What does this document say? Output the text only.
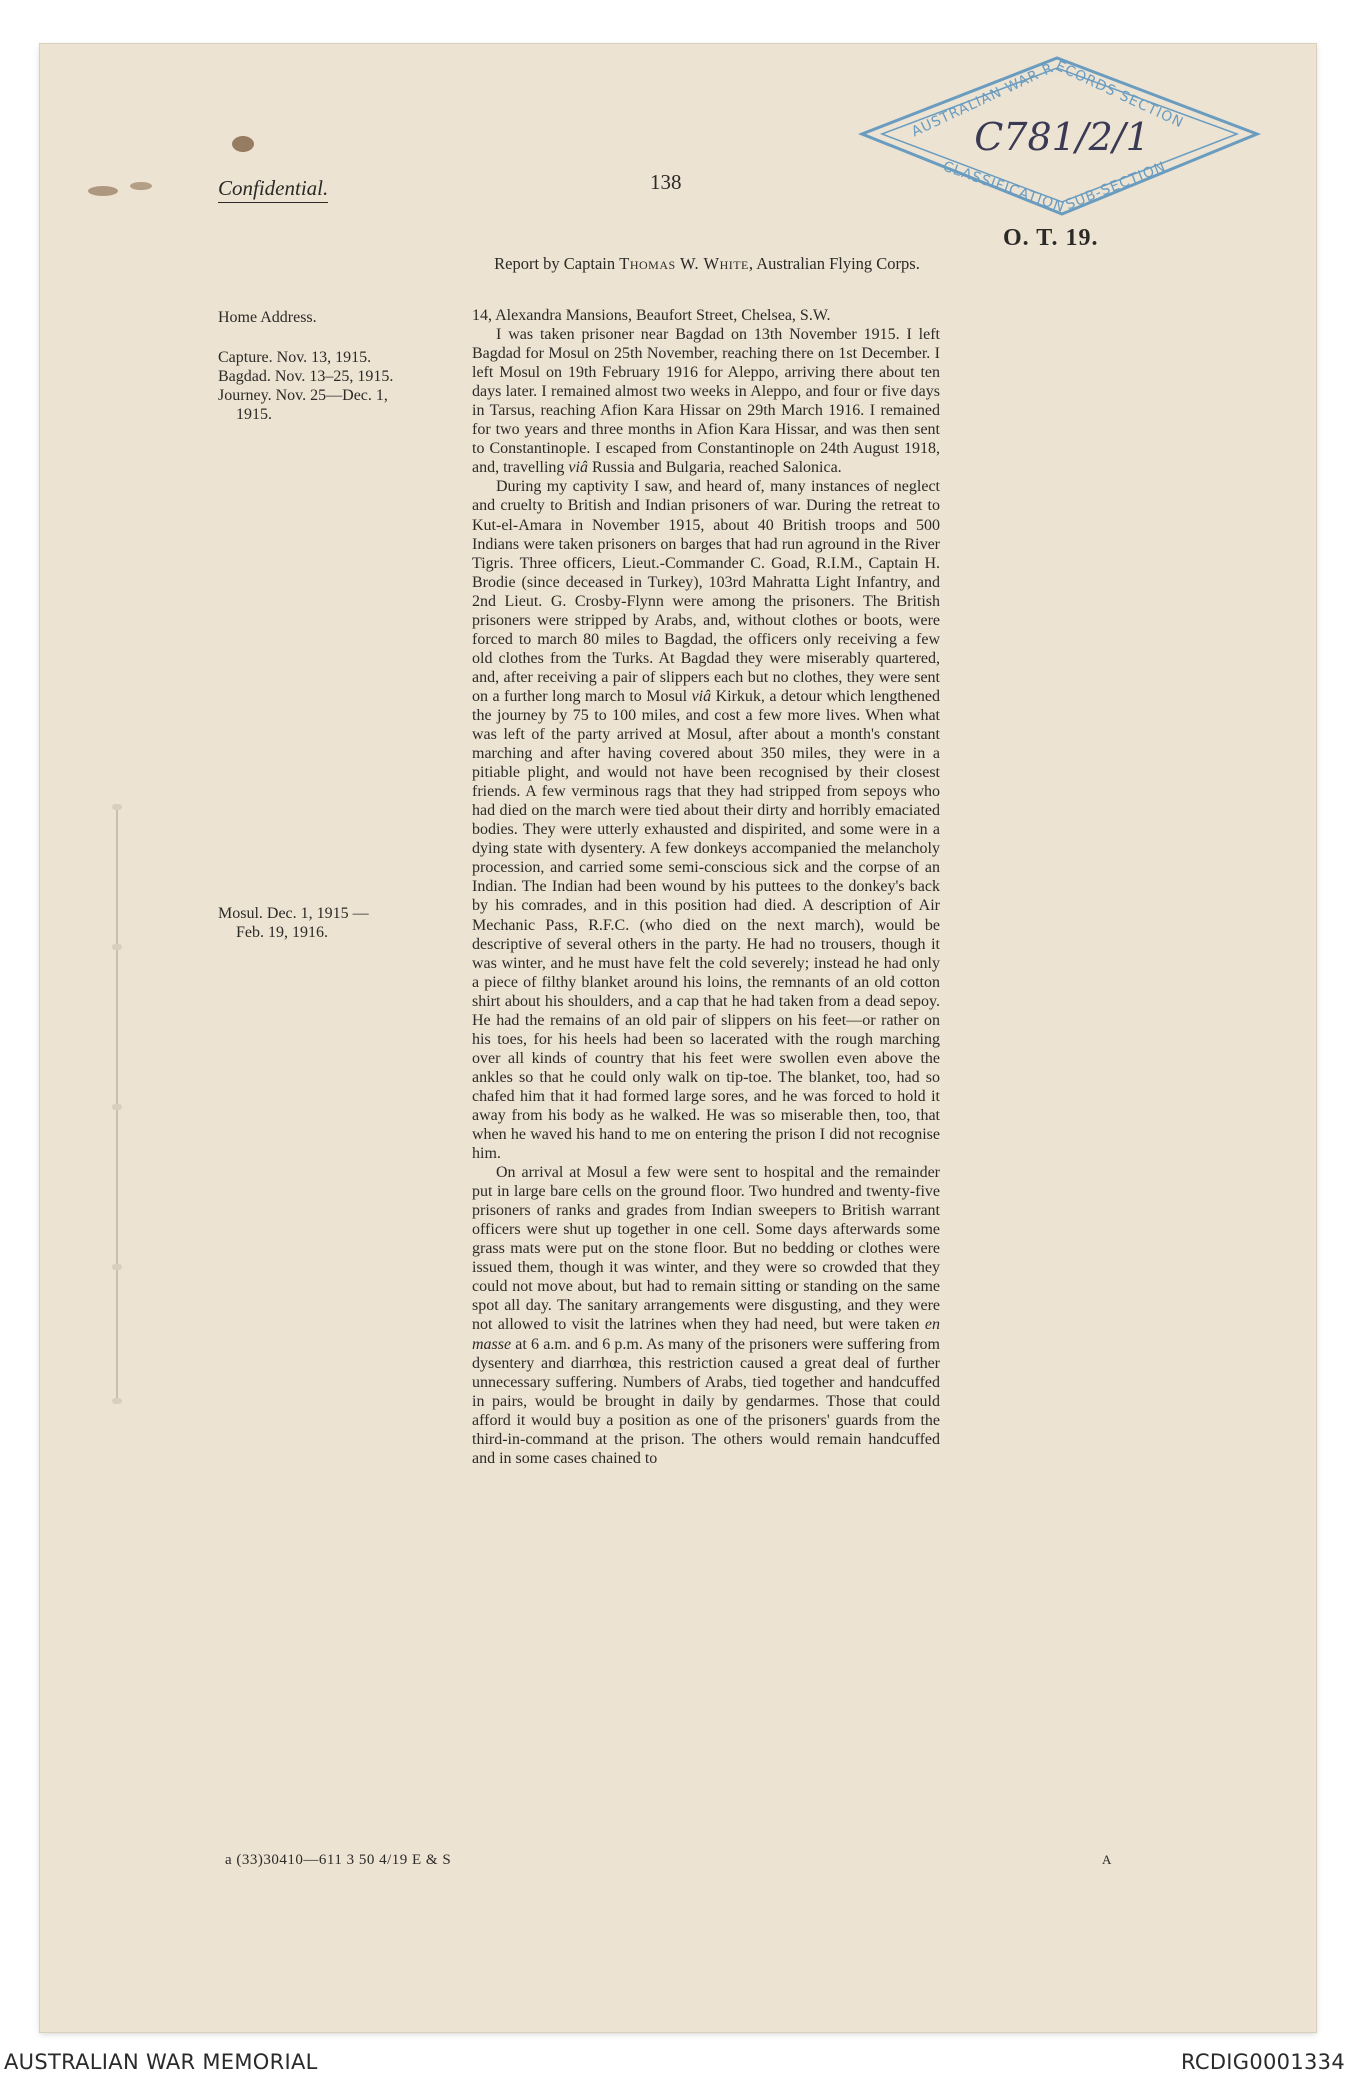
Confidential.	138
O. T. 19.
AUSTRALIAN WAR RECORDS SECTION
CLASSIFICATION SUB-SECTION
C781/2/1
Report by Captain Thomas W. White, Australian Flying Corps.

Home Address.

Capture. Nov. 13, 1915.

Bagdad. Nov. 13–25, 1915.

Journey. Nov. 25—Dec. 1,

1915.

Mosul. Dec. 1, 1915 —

Feb. 19, 1916.

14, Alexandra Mansions, Beaufort Street, Chelsea, S.W.

I was taken prisoner near Bagdad on 13th November 1915. I left Bagdad for Mosul on 25th November, reaching there on 1st December. I left Mosul on 19th February 1916 for Aleppo, arriving there about ten days later. I remained almost two weeks in Aleppo, and four or five days in Tarsus, reaching Afion Kara Hissar on 29th March 1916. I remained for two years and three months in Afion Kara Hissar, and was then sent to Constantinople. I escaped from Constantinople on 24th August 1918, and, travelling viâ Russia and Bulgaria, reached Salonica.

During my captivity I saw, and heard of, many instances of neglect and cruelty to British and Indian prisoners of war. During the retreat to Kut-el-Amara in November 1915, about 40 British troops and 500 Indians were taken prisoners on barges that had run aground in the River Tigris. Three officers, Lieut.-Commander C. Goad, R.I.M., Captain H. Brodie (since deceased in Turkey), 103rd Mahratta Light Infantry, and 2nd Lieut. G. Crosby-Flynn were among the prisoners. The British prisoners were stripped by Arabs, and, without clothes or boots, were forced to march 80 miles to Bagdad, the officers only receiving a few old clothes from the Turks. At Bagdad they were miserably quartered, and, after receiving a pair of slippers each but no clothes, they were sent on a further long march to Mosul viâ Kirkuk, a detour which lengthened the journey by 75 to 100 miles, and cost a few more lives. When what was left of the party arrived at Mosul, after about a month's constant marching and after having covered about 350 miles, they were in a pitiable plight, and would not have been recognised by their closest friends. A few verminous rags that they had stripped from sepoys who had died on the march were tied about their dirty and horribly emaciated bodies. They were utterly exhausted and dispirited, and some were in a dying state with dysentery. A few donkeys accompanied the melancholy procession, and carried some semi-conscious sick and the corpse of an Indian. The Indian had been wound by his puttees to the donkey's back by his comrades, and in this position had died. A description of Air Mechanic Pass, R.F.C. (who died on the next march), would be descriptive of several others in the party. He had no trousers, though it was winter, and he must have felt the cold severely; instead he had only a piece of filthy blanket around his loins, the remnants of an old cotton shirt about his shoulders, and a cap that he had taken from a dead sepoy. He had the remains of an old pair of slippers on his feet—or rather on his toes, for his heels had been so lacerated with the rough marching over all kinds of country that his feet were swollen even above the ankles so that he could only walk on tip-toe. The blanket, too, had so chafed him that it had formed large sores, and he was forced to hold it away from his body as he walked. He was so miserable then, too, that when he waved his hand to me on entering the prison I did not recognise him.

On arrival at Mosul a few were sent to hospital and the remainder put in large bare cells on the ground floor. Two hundred and twenty-five prisoners of ranks and grades from Indian sweepers to British warrant officers were shut up together in one cell. Some days afterwards some grass mats were put on the stone floor. But no bedding or clothes were issued them, though it was winter, and they were so crowded that they could not move about, but had to remain sitting or standing on the same spot all day. The sanitary arrangements were disgusting, and they were not allowed to visit the latrines when they had need, but were taken en masse at 6 a.m. and 6 p.m. As many of the prisoners were suffering from dysentery and diarrhœa, this restriction caused a great deal of further unnecessary suffering. Numbers of Arabs, tied together and handcuffed in pairs, would be brought in daily by gendarmes. Those that could afford it would buy a position as one of the prisoners' guards from the third-in-command at the prison. The others would remain handcuffed and in some cases chained to

a (33)30410—611 3 50 4/19 E & S	A
AUSTRALIAN WAR MEMORIAL	RCDIG0001334
